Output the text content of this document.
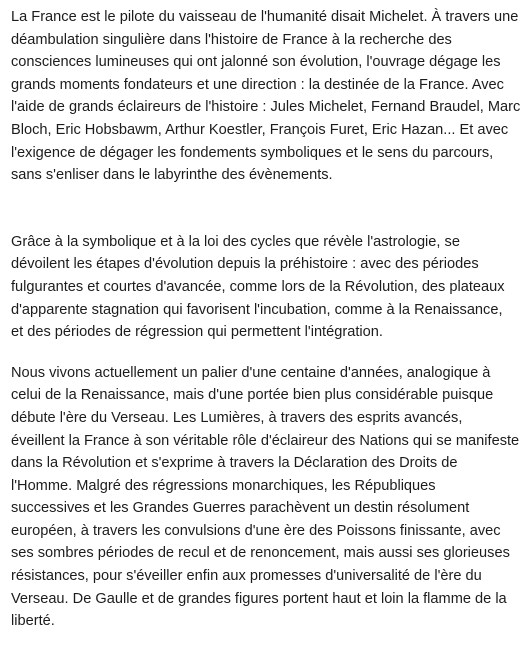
La France est le pilote du vaisseau de l'humanité disait Michelet. À travers une
déambulation singulière dans l'histoire de France à la recherche des
consciences lumineuses qui ont jalonné son évolution, l'ouvrage dégage les
grands moments fondateurs et une direction : la destinée de la France. Avec
l'aide de grands éclaireurs de l'histoire : Jules Michelet, Fernand Braudel, Marc
Bloch, Eric Hobsbawm, Arthur Koestler, François Furet, Eric Hazan... Et avec
l'exigence de dégager les fondements symboliques et le sens du parcours,
sans s'enliser dans le labyrinthe des évènements.

Grâce à la symbolique et à la loi des cycles que révèle l'astrologie, se
dévoilent les étapes d'évolution depuis la préhistoire : avec des périodes
fulgurantes et courtes d'avancée, comme lors de la Révolution, des plateaux
d'apparente stagnation qui favorisent l'incubation, comme à la Renaissance,
et des périodes de régression qui permettent l'intégration.

Nous vivons actuellement un palier d'une centaine d'années, analogique à
celui de la Renaissance, mais d'une portée bien plus considérable puisque
débute l'ère du Verseau. Les Lumières, à travers des esprits avancés,
éveillent la France à son véritable rôle d'éclaireur des Nations qui se manifeste
dans la Révolution et s'exprime à travers la Déclaration des Droits de
l'Homme. Malgré des régressions monarchiques, les Républiques
successives et les Grandes Guerres parachèvent un destin résolument
européen, à travers les convulsions d'une ère des Poissons finissante, avec
ses sombres périodes de recul et de renoncement, mais aussi ses glorieuses
résistances, pour s'éveiller enfin aux promesses d'universalité de l'ère du
Verseau. De Gaulle et de grandes figures portent haut et loin la flamme de la
liberté.
